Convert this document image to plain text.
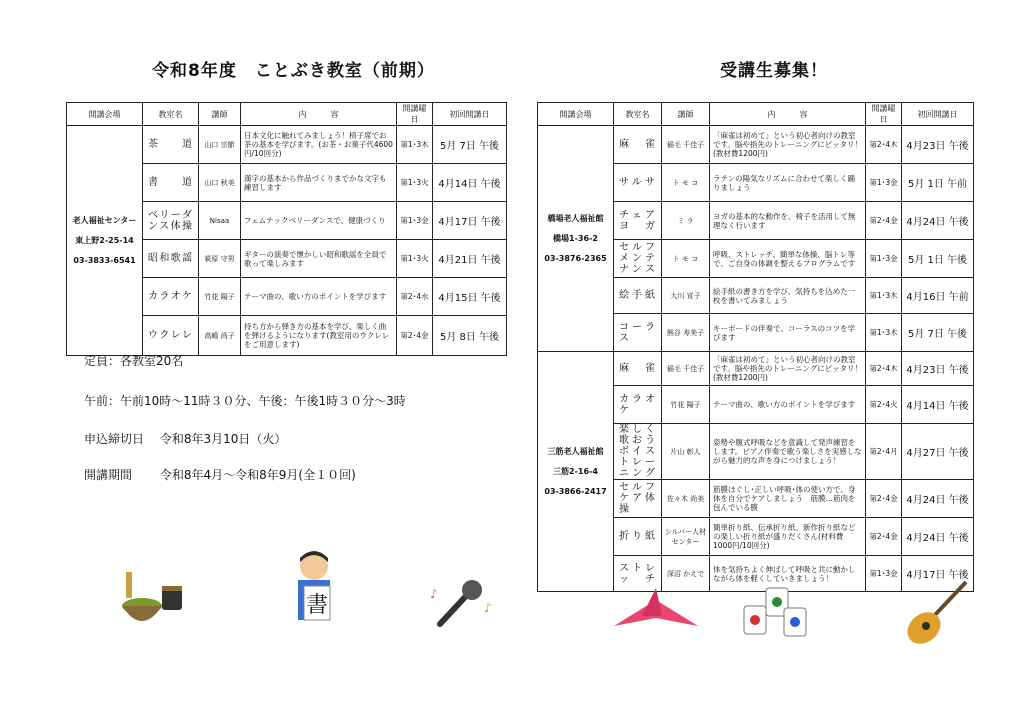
令和8年度　ことぶき教室（前期）	受講生募集！
開講会場	教室名	講師	内　　　容	開講曜日	初回開講日

老人福祉センター
東上野2-25-14
03-3833-6541	茶　道	山口 宗節	日本文化に触れてみましょう！椅子席でお茶の基本を学びます。(お茶・お菓子代4600円/10回分)	第1･3木	5月 7日 午後
	書　道	山口 秋美	漢字の基本から作品づくりまでかな文字も練習します	第1･3火	4月14日 午後
	ベリーダンス体操	Nisaa	フェムテックベリーダンスで、健康づくり	第1･3金	4月17日 午後
	昭和歌謡	萩原 守男	ギターの演奏で懐かしい昭和歌謡を全員で歌って楽しみます	第1･3火	4月21日 午後
	カラオケ	竹花 陽子	テーマ曲の、歌い方のポイントを学びます	第2･4水	4月15日 午後
	ウクレレ	高嶋 尚子	持ち方から弾き方の基本を学び、楽しく曲を弾けるようになります(教室用のウクレレをご用意します)	第2･4金	5月 8日 午後
開講会場	教室名	講師	内　　　容	開講曜日	初回開講日

橋場老人福祉館
橋場1-36-2
03-3876-2365	麻　雀	稲毛 千佳子	「麻雀は初めて」という初心者向けの教室です。脳や指先のトレーニングにピッタリ！(教材費1200円)	第2･4木	4月23日 午後
	サルサ	ト モ コ	ラテンの陽気なリズムに合わせて楽しく踊りましょう	第1･3金	5月 1日 午前
	チェアヨガ	ミ ラ	ヨガの基本的な動作を、椅子を活用して無理なく行います	第2･4金	4月24日 午後
	セルフメンテナンス	ト モ コ	呼吸、ストレッチ、簡単な体操、脳トレ等で、ご自身の体調を整えるプログラムです	第1･3金	5月 1日 午後
	絵手紙	大川 宣子	絵手紙の書き方を学び、気持ちを込めた一枚を書いてみましょう	第1･3木	4月16日 午前
	コーラス	熊谷 寿美子	キーボードの伴奏で、コーラスのコツを学びます	第1･3木	5月 7日 午後

三筋老人福祉館
三筋2-16-4
03-3866-2417	麻　雀	稲毛 千佳子	「麻雀は初めて」という初心者向けの教室です。脳や指先のトレーニングにピッタリ！(教材費1200円)	第2･4木	4月23日 午後
	カラオケ	竹花 陽子	テーマ曲の、歌い方のポイントを学びます	第2･4火	4月14日 午後
	楽しく歌おうボイストレーニング	片山 彰人	姿勢や腹式呼吸などを意識して発声練習をします。ピアノ伴奏で歌う楽しさを実感しながら魅力的な声を身につけましょう！	第2･4月	4月27日 午後
	セルフケア体操	佐々木 尚美	筋膜ほぐし･正しい呼吸･体の使い方で、身体を自分でケアしましょう　筋膜…筋肉を包んでいる膜	第2･4金	4月24日 午後
	折り紙	シルバー人材センター	簡単折り紙、伝承折り紙、新作折り紙などの楽しい折り紙が盛りだくさん(材料費1000円/10回分)	第2･4金	4月24日 午後
	ストレッチ	深沼 かえで	体を気持ちよく伸ばして呼吸と共に動かしながら体を軽くしていきましょう！	第1･3金	4月17日 午後
定員：各教室20名
午前：午前10時～11時３０分、午後：午後1時３０分～3時
申込締切日　 令和8年3月10日（火）
開講期間　　 令和8年4月～令和8年9月(全１０回)
書	♪
♪
